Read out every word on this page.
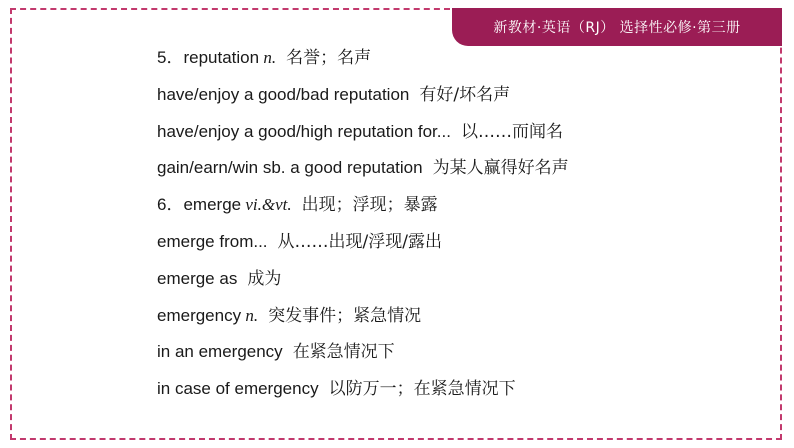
新教材·英语（RJ） 选择性必修·第三册
5．reputation n. 名誉；名声
have/enjoy a good/bad reputation 有好/坏名声
have/enjoy a good/high reputation for... 以……而闻名
gain/earn/win sb. a good reputation 为某人赢得好名声
6．emerge vi.&vt. 出现；浮现；暴露
emerge from... 从……出现/浮现/露出
emerge as 成为
emergency n. 突发事件；紧急情况
in an emergency 在紧急情况下
in case of emergency 以防万一；在紧急情况下
